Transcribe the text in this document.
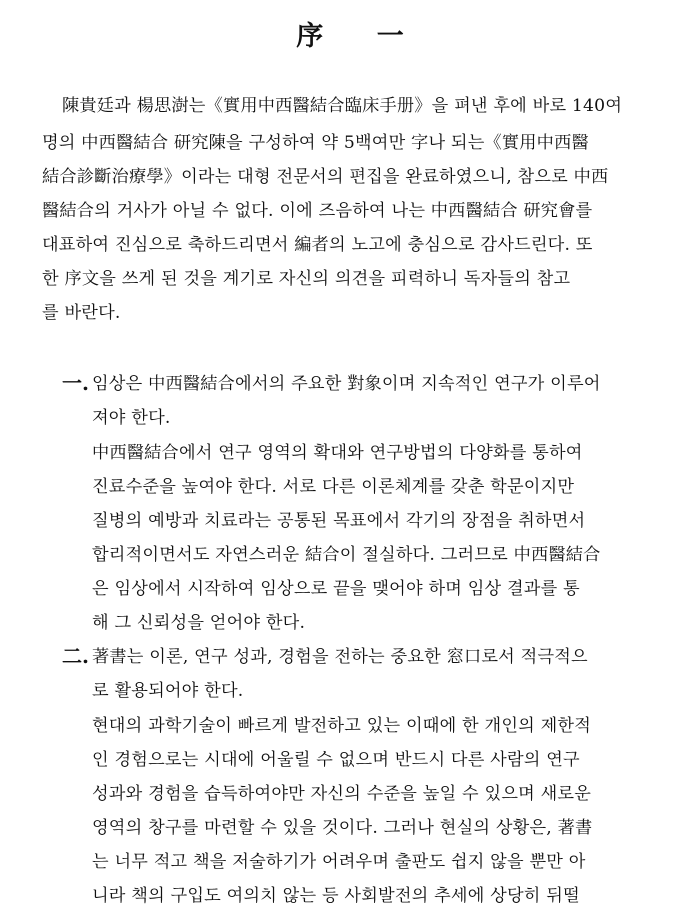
序 一
陳貴廷과 楊思澍는《實用中西醫結合臨床手册》을 펴낸 후에 바로 140여
명의 中西醫結合 研究陳을 구성하여 약 5백여만 字나 되는《實用中西醫
結合診斷治療學》이라는 대형 전문서의 편집을 완료하였으니, 참으로 中西
醫結合의 거사가 아닐 수 없다. 이에 즈음하여 나는 中西醫結合 研究會를
대표하여 진심으로 축하드리면서 編者의 노고에 충심으로 감사드린다. 또
한 序文을 쓰게 된 것을 계기로 자신의 의견을 피력하니 독자들의 참고
를 바란다.
一. 임상은 中西醫結合에서의 주요한 對象이며 지속적인 연구가 이루어
져야 한다.
中西醫結合에서 연구 영역의 확대와 연구방법의 다양화를 통하여
진료수준을 높여야 한다. 서로 다른 이론체계를 갖춘 학문이지만
질병의 예방과 치료라는 공통된 목표에서 각기의 장점을 취하면서
합리적이면서도 자연스러운 結合이 절실하다. 그러므로 中西醫結合
은 임상에서 시작하여 임상으로 끝을 맺어야 하며 임상 결과를 통
해 그 신뢰성을 얻어야 한다.
二. 著書는 이론, 연구 성과, 경험을 전하는 중요한 窓口로서 적극적으
로 활용되어야 한다.
현대의 과학기술이 빠르게 발전하고 있는 이때에 한 개인의 제한적
인 경험으로는 시대에 어울릴 수 없으며 반드시 다른 사람의 연구
성과와 경험을 습득하여야만 자신의 수준을 높일 수 있으며 새로운
영역의 창구를 마련할 수 있을 것이다. 그러나 현실의 상황은, 著書
는 너무 적고 책을 저술하기가 어려우며 출판도 쉽지 않을 뿐만 아
니라 책의 구입도 여의치 않는 등 사회발전의 추세에 상당히 뒤떨
